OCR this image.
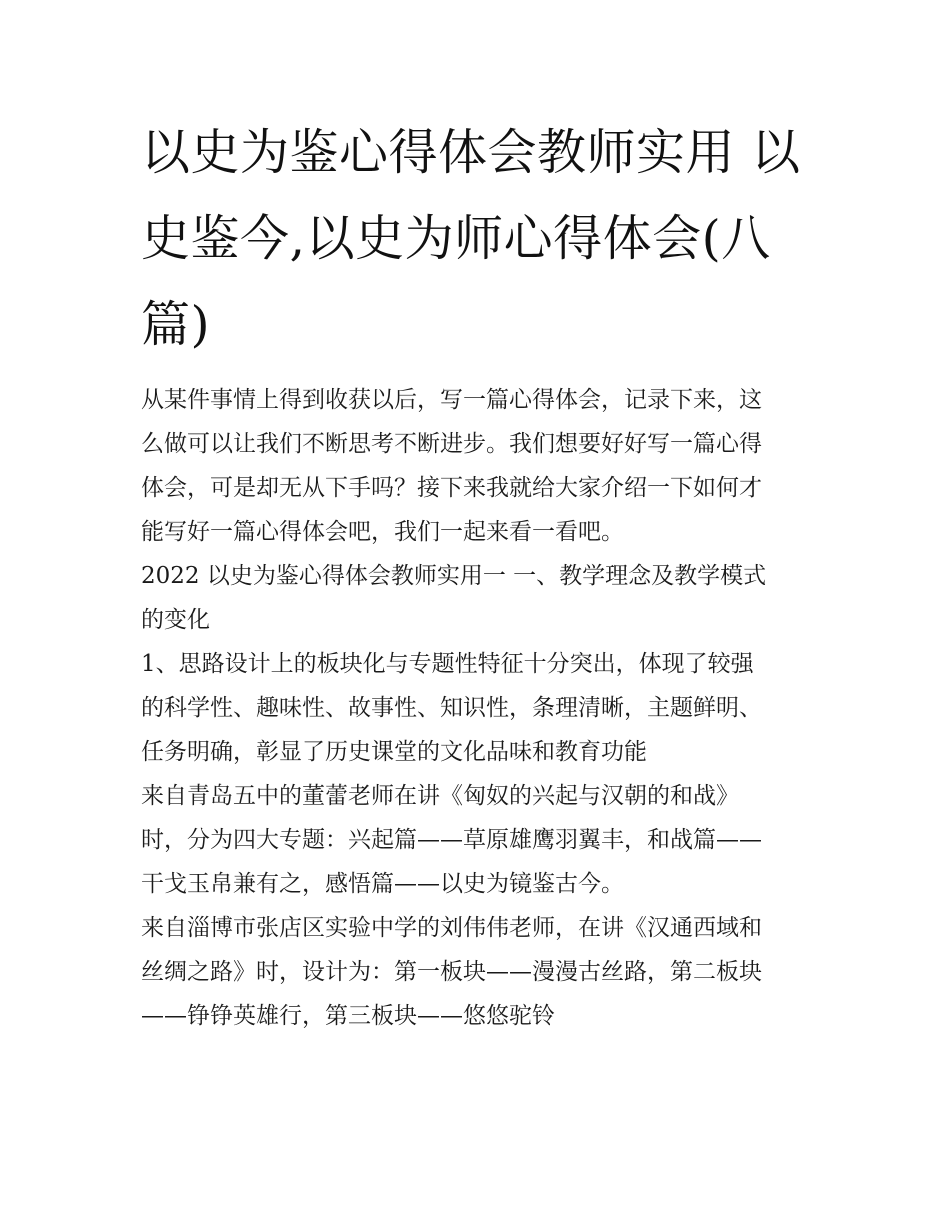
以史为鉴心得体会教师实用 以
史鉴今,以史为师心得体会(八
篇)

从某件事情上得到收获以后，写一篇心得体会，记录下来，这
么做可以让我们不断思考不断进步。我们想要好好写一篇心得
体会，可是却无从下手吗？接下来我就给大家介绍一下如何才
能写好一篇心得体会吧，我们一起来看一看吧。

2022 以史为鉴心得体会教师实用一 一、教学理念及教学模式
的变化

1、思路设计上的板块化与专题性特征十分突出，体现了较强
的科学性、趣味性、故事性、知识性，条理清晰，主题鲜明、
任务明确，彰显了历史课堂的文化品味和教育功能

来自青岛五中的董蕾老师在讲《匈奴的兴起与汉朝的和战》
时，分为四大专题：兴起篇——草原雄鹰羽翼丰，和战篇——
干戈玉帛兼有之，感悟篇——以史为镜鉴古今。

来自淄博市张店区实验中学的刘伟伟老师，在讲《汉通西域和
丝绸之路》时，设计为：第一板块——漫漫古丝路，第二板块
——铮铮英雄行，第三板块——悠悠驼铃
